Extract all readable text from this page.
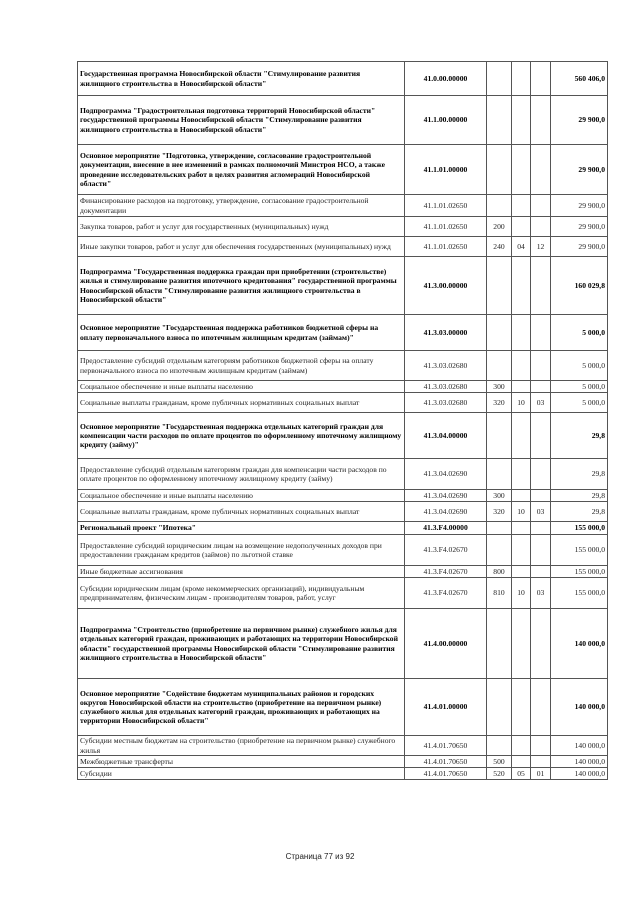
Государственная программа Новосибирской области "Стимулирование развития жилищного строительства в Новосибирской области"	41.0.00.00000				560 406,0
Подпрограмма "Градостроительная подготовка территорий Новосибирской области" государственной программы Новосибирской области "Стимулирование развития жилищного строительства в Новосибирской области"	41.1.00.00000				29 900,0
Основное мероприятие "Подготовка, утверждение, согласование градостроительной документации, внесение в нее изменений в рамках полномочий Минстроя НСО, а также проведение исследовательских работ в целях развития агломераций Новосибирской области"	41.1.01.00000				29 900,0
Финансирование расходов на подготовку, утверждение, согласование градостроительной документации	41.1.01.02650				29 900,0
Закупка товаров, работ и услуг для государственных (муниципальных) нужд	41.1.01.02650	200			29 900,0
Иные закупки товаров, работ и услуг для обеспечения государственных (муниципальных) нужд	41.1.01.02650	240	04	12	29 900,0
Подпрограмма "Государственная поддержка граждан при приобретении (строительстве) жилья и стимулирование развития ипотечного кредитования" государственной программы Новосибирской области "Стимулирование развития жилищного строительства в Новосибирской области"	41.3.00.00000				160 029,8
Основное мероприятие "Государственная поддержка работников бюджетной сферы на оплату первоначального взноса по ипотечным жилищным кредитам (займам)"	41.3.03.00000				5 000,0
Предоставление субсидий отдельным категориям работников бюджетной сферы на оплату первоначального взноса по ипотечным жилищным кредитам (займам)	41.3.03.02680				5 000,0
Социальное обеспечение и иные выплаты населению	41.3.03.02680	300			5 000,0
Социальные выплаты гражданам, кроме публичных нормативных социальных выплат	41.3.03.02680	320	10	03	5 000,0
Основное мероприятие "Государственная поддержка отдельных категорий граждан для компенсации части расходов по оплате процентов по оформленному ипотечному жилищному кредиту (займу)"	41.3.04.00000				29,8
Предоставление субсидий отдельным категориям граждан для компенсации части расходов по оплате процентов по оформленному ипотечному жилищному кредиту (займу)	41.3.04.02690				29,8
Социальное обеспечение и иные выплаты населению	41.3.04.02690	300			29,8
Социальные выплаты гражданам, кроме публичных нормативных социальных выплат	41.3.04.02690	320	10	03	29,8
Региональный проект "Ипотека"	41.3.F4.00000				155 000,0
Предоставление субсидий юридическим лицам на возмещение недополученных доходов при предоставлении гражданам кредитов (займов) по льготной ставке	41.3.F4.02670				155 000,0
Иные бюджетные ассигнования	41.3.F4.02670	800			155 000,0
Субсидии юридическим лицам (кроме некоммерческих организаций), индивидуальным предпринимателям, физическим лицам - производителям товаров, работ, услуг	41.3.F4.02670	810	10	03	155 000,0
Подпрограмма "Строительство (приобретение на первичном рынке) служебного жилья для отдельных категорий граждан, проживающих и работающих на территории Новосибирской области" государственной программы Новосибирской области "Стимулирование развития жилищного строительства в Новосибирской области"	41.4.00.00000				140 000,0
Основное мероприятие "Содействие бюджетам муниципальных районов и городских округов Новосибирской области на строительство (приобретение на первичном рынке) служебного жилья для отдельных категорий граждан, проживающих и работающих на территории Новосибирской области"	41.4.01.00000				140 000,0
Субсидии местным бюджетам на строительство (приобретение на первичном рынке) служебного жилья	41.4.01.70650				140 000,0
Межбюджетные трансферты	41.4.01.70650	500			140 000,0
Субсидии	41.4.01.70650	520	05	01	140 000,0
Страница 77 из 92
